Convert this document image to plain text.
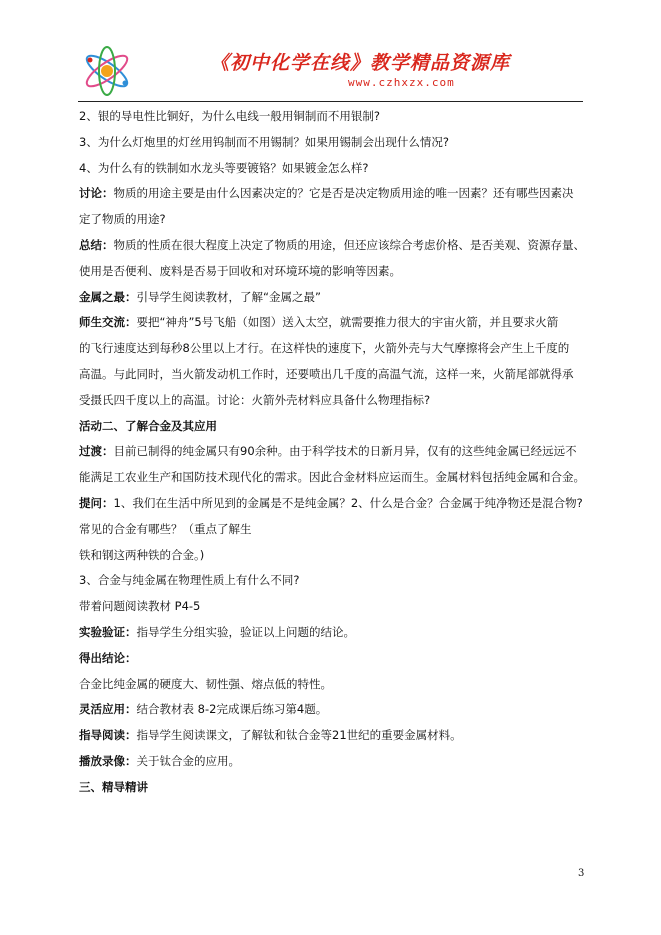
《初中化学在线》教学精品资源库
www.czhxzx.com
2、银的导电性比铜好，为什么电线一般用铜制而不用银制?
3、为什么灯炮里的灯丝用钨制而不用锡制？如果用锡制会出现什么情况?
4、为什么有的铁制如水龙头等要镀铬？如果镀金怎么样?
讨论：物质的用途主要是由什么因素决定的？它是否是决定物质用途的唯一因素？还有哪些因素决
定了物质的用途?
总结：物质的性质在很大程度上决定了物质的用途，但还应该综合考虑价格、是否美观、资源存量、
使用是否便利、废料是否易于回收和对环境环境的影响等因素。
金属之最：引导学生阅读教材，了解“金属之最”
师生交流：要把“神舟”5号飞船（如图）送入太空，就需要推力很大的宇宙火箭，并且要求火箭
的飞行速度达到每秒8公里以上才行。在这样快的速度下，火箭外壳与大气摩擦将会产生上千度的
高温。与此同时，当火箭发动机工作时，还要喷出几千度的高温气流，这样一来，火箭尾部就得承
受摄氏四千度以上的高温。讨论：火箭外壳材料应具备什么物理指标?
活动二、了解合金及其应用
过渡：目前已制得的纯金属只有90余种。由于科学技术的日新月异，仅有的这些纯金属已经远远不
能满足工农业生产和国防技术现代化的需求。因此合金材料应运而生。金属材料包括纯金属和合金。
提问：1、我们在生活中所见到的金属是不是纯金属？2、什么是合金？合金属于纯净物还是混合物?
常见的合金有哪些？（重点了解生
铁和钢这两种铁的合金。)
3、合金与纯金属在物理性质上有什么不同?
带着问题阅读教材 P4-5
实验验证：指导学生分组实验，验证以上问题的结论。
得出结论：
合金比纯金属的硬度大、韧性强、熔点低的特性。
灵活应用：结合教材表 8-2完成课后练习第4题。
指导阅读：指导学生阅读课文，了解钛和钛合金等21世纪的重要金属材料。
播放录像：关于钛合金的应用。
三、精导精讲
3
